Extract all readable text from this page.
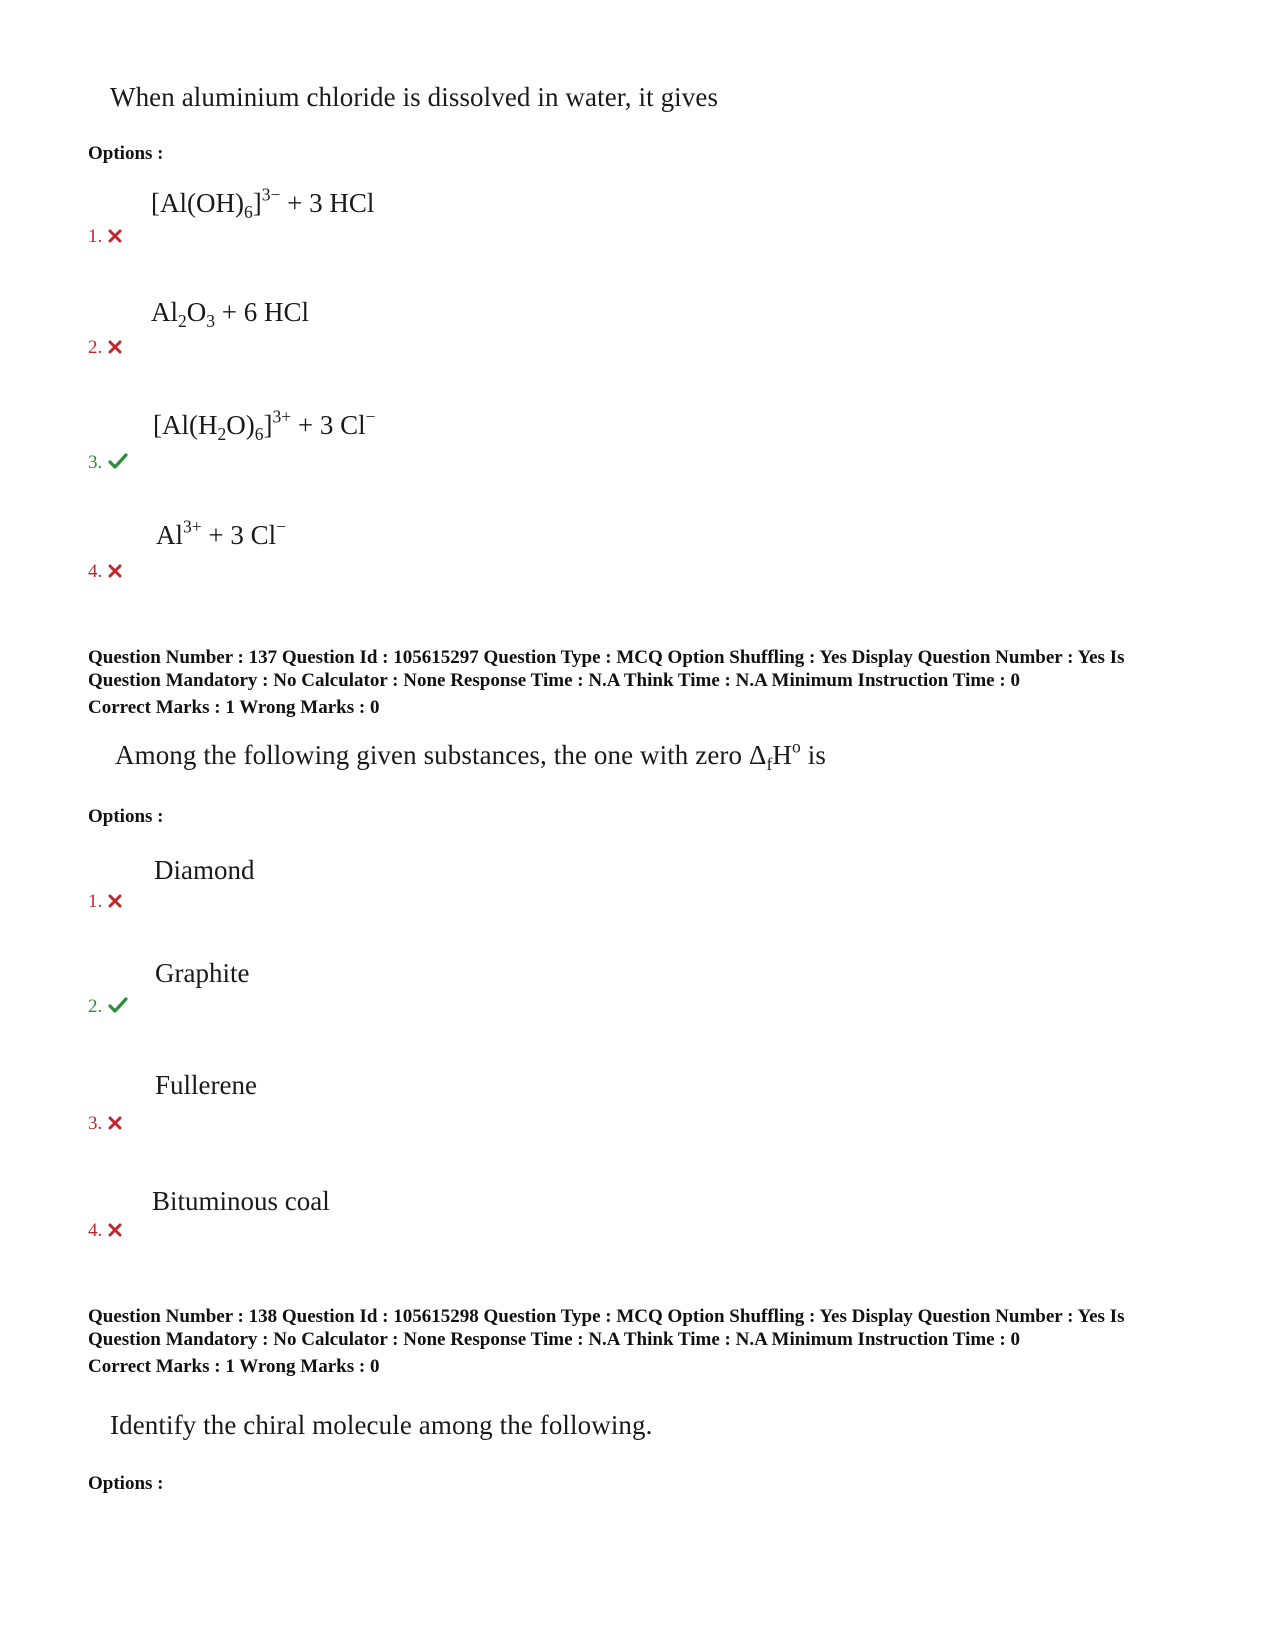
When aluminium chloride is dissolved in water, it gives
Options :
$[Al(OH)_6]^{3-} + 3$ HCl
1.
$Al_2O_3 + 6$ HCl
2.
$[Al(H_2O)_6]^{3+} + 3$ Cl−
3.
$Al^{3+} + 3$ Cl−
4.
Question Number : 137 Question Id : 105615297 Question Type : MCQ Option Shuffling : Yes Display Question Number : Yes Is Question Mandatory : No Calculator : None Response Time : N.A Think Time : N.A Minimum Instruction Time : 0
Correct Marks : 1 Wrong Marks : 0
Among the following given substances, the one with zero $\Delta_fH^o$ is
Options :
Diamond
1.
Graphite
2.
Fullerene
3.
Bituminous coal
4.
Question Number : 138 Question Id : 105615298 Question Type : MCQ Option Shuffling : Yes Display Question Number : Yes Is Question Mandatory : No Calculator : None Response Time : N.A Think Time : N.A Minimum Instruction Time : 0
Correct Marks : 1 Wrong Marks : 0
Identify the chiral molecule among the following.
Options :
